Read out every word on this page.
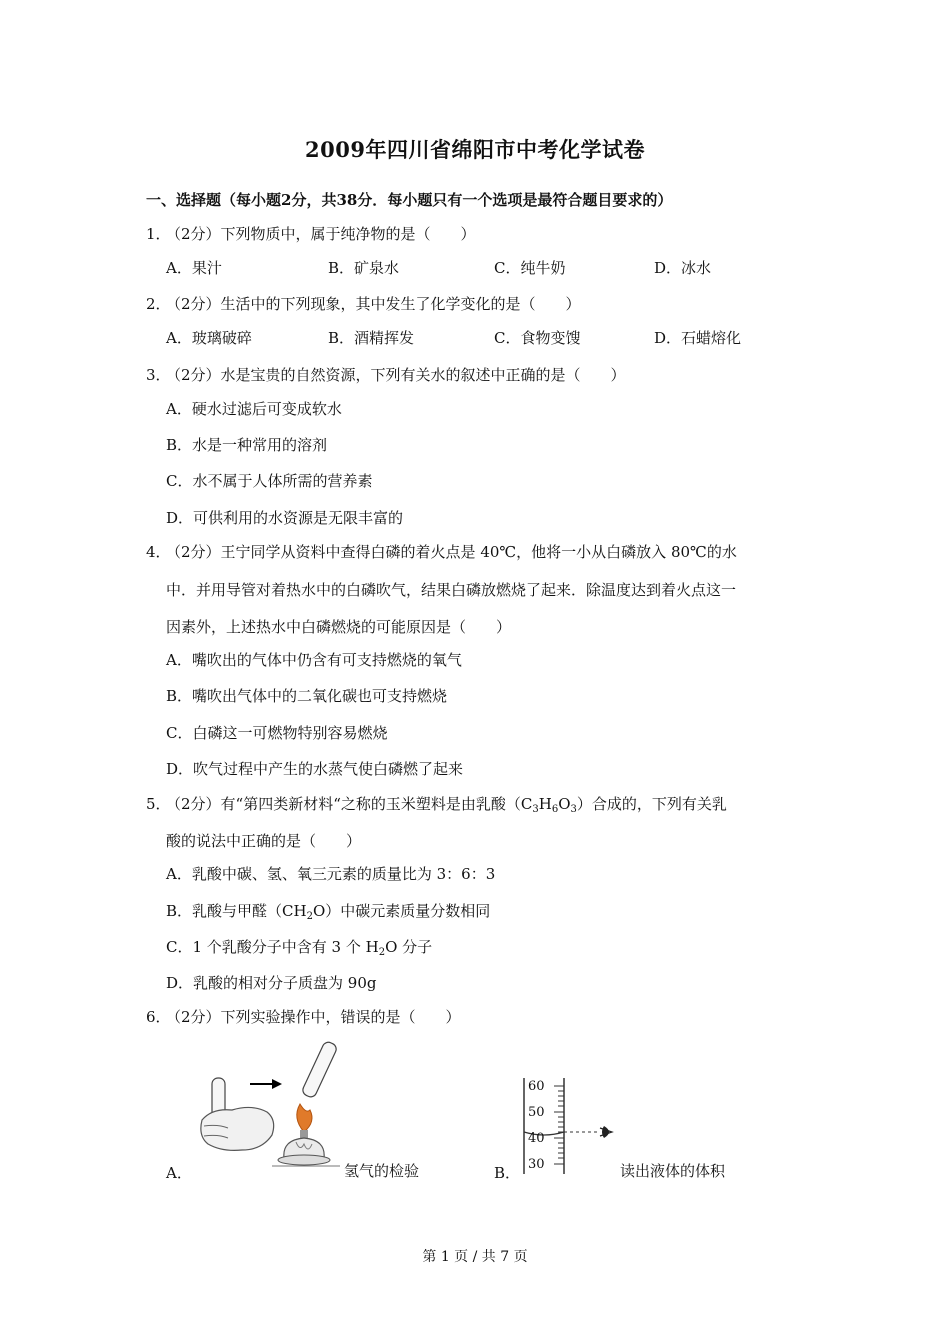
2009年四川省绵阳市中考化学试卷
一、选择题（每小题2分，共38分．每小题只有一个选项是最符合题目要求的）
1．
（2分）下列物质中，属于纯净物的是（　　）
A．果汁	B．矿泉水	C．纯牛奶	D．冰水
2．
（2分）生活中的下列现象，其中发生了化学变化的是（　　）
A．玻璃破碎	B．酒精挥发	C．食物变馊	D．石蜡熔化
3．
（2分）水是宝贵的自然资源，下列有关水的叙述中正确的是（　　）
A．硬水过滤后可变成软水
B．水是一种常用的溶剂
C．水不属于人体所需的营养素
D．可供利用的水资源是无限丰富的
4．
（2分）王宁同学从资料中查得白磷的着火点是 40℃，他将一小从白磷放入 80℃的水
中．并用导管对着热水中的白磷吹气，结果白磷放燃烧了起来．除温度达到着火点这一
因素外，上述热水中白磷燃烧的可能原因是（　　）
A．嘴吹出的气体中仍含有可支持燃烧的氧气
B．嘴吹出气体中的二氧化碳也可支持燃烧
C．白磷这一可燃物特别容易燃烧
D．吹气过程中产生的水蒸气使白磷燃了起来
5．
（2分）有“第四类新材料“之称的玉米塑料是由乳酸$(C_3H_6O_3)$合成的，下列有关乳
酸的说法中正确的是（　　）
A．乳酸中碳、氢、氧三元素的质量比为 3：6：3
B．乳酸与甲醛$(CH_2O)$中碳元素质量分数相同
C．1 个乳酸分子中含有 3 个 $H_2O$ 分子
D．乳酸的相对分子质盘为 90g
6．
（2分）下列实验操作中，错误的是（　　）
A．	氢气的检验	B．
60
50
40
30	读出液体的体积
第 1 页 / 共 7 页
